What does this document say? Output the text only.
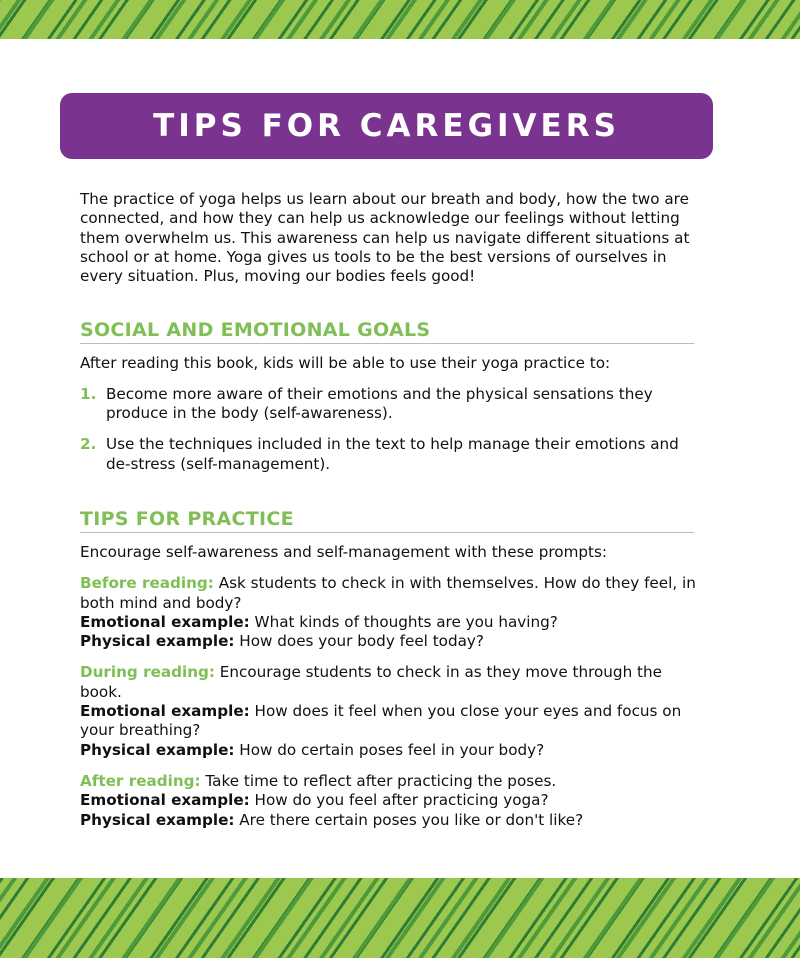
TIPS FOR CAREGIVERS

The practice of yoga helps us learn about our breath and body, how the two are connected, and how they can help us acknowledge our feelings without letting them overwhelm us. This awareness can help us navigate different situations at school or at home. Yoga gives us tools to be the best versions of ourselves in every situation. Plus, moving our bodies feels good!

SOCIAL AND EMOTIONAL GOALS

After reading this book, kids will be able to use their yoga practice to:

1. Become more aware of their emotions and the physical sensations they produce in the body (self-awareness).
2. Use the techniques included in the text to help manage their emotions and de-stress (self-management).
TIPS FOR PRACTICE

Encourage self-awareness and self-management with these prompts:

Before reading: Ask students to check in with themselves. How do they feel, in both mind and body?
Emotional example: What kinds of thoughts are you having?
Physical example: How does your body feel today?
During reading: Encourage students to check in as they move through the book.
Emotional example: How does it feel when you close your eyes and focus on your breathing?
Physical example: How do certain poses feel in your body?
After reading: Take time to reflect after practicing the poses.
Emotional example: How do you feel after practicing yoga?
Physical example: Are there certain poses you like or don't like?
